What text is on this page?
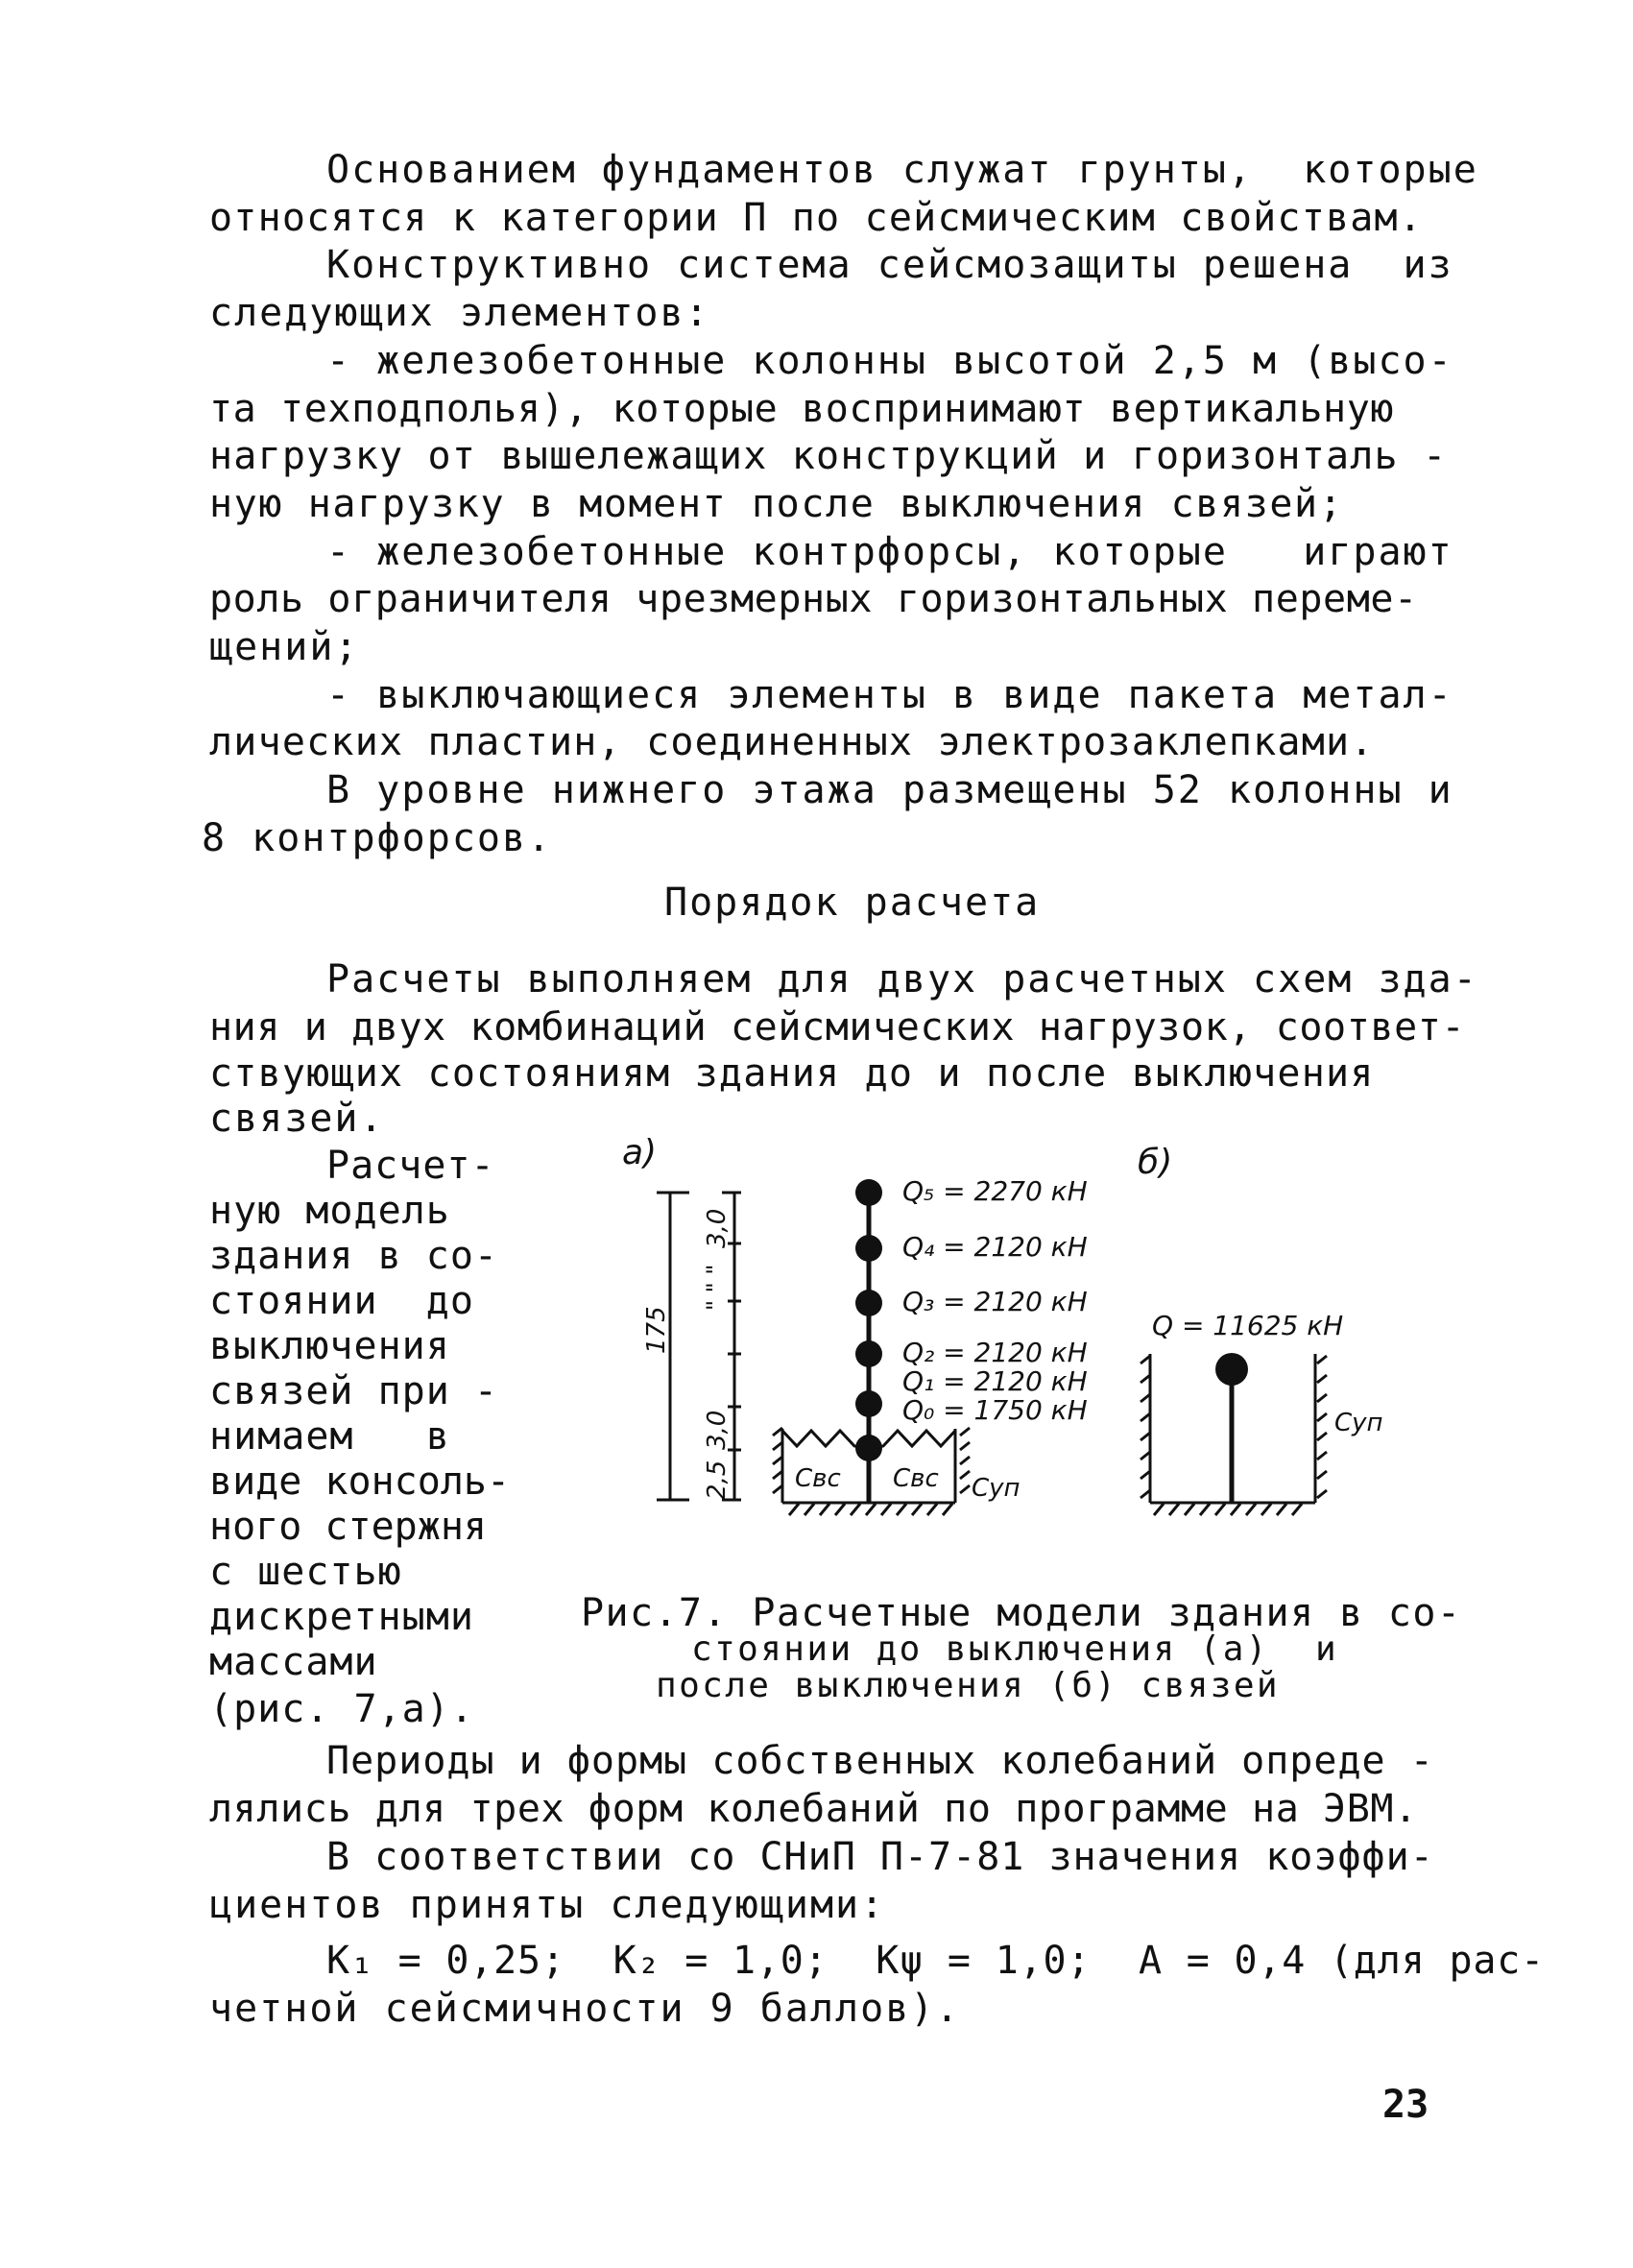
Основанием фундаментов служат грунты,  которые
относятся к категории П по сейсмическим свойствам.
Конструктивно система сейсмозащиты решена  из
следующих элементов:
- железобетонные колонны высотой 2,5 м (высо-
та техподполья), которые воспринимают вертикальную
нагрузку от вышележащих конструкций и горизонталь -
ную нагрузку в момент после выключения связей;
- железобетонные контрфорсы, которые   играют
роль ограничителя чрезмерных горизонтальных переме-
щений;
- выключающиеся элементы в виде пакета метал-
лических пластин, соединенных электрозаклепками.
В уровне нижнего этажа размещены 52 колонны и
8 контрфорсов.
Порядок расчета
Расчеты выполняем для двух расчетных схем зда-
ния и двух комбинаций сейсмических нагрузок, соответ-
ствующих состояниям здания до и после выключения
связей.
Расчет-
ную модель
здания в со-
стоянии  до
выключения
связей при -
нимаем   в
виде консоль-
ного стержня
с шестью
дискретными
массами
(рис. 7,а).
а)
175
3,0
3,0
2,5
" " "
Q₅ = 2270 кН
Q₄ = 2120 кН
Q₃ = 2120 кН
Q₂ = 2120 кН
Q₁ = 2120 кН
Q₀ = 1750 кН
Свс Свс Суп
б)
Q = 11625 кН
Суп
Рис.7. Расчетные модели здания в со-
стоянии до выключения (а)  и
после выключения (б) связей
Периоды и формы собственных колебаний опреде -
лялись для трех форм колебаний по программе на ЭВМ.
В соответствии со СНиП П-7-81 значения коэффи-
циентов приняты следующими:
К₁ = 0,25;  К₂ = 1,0;  Кψ = 1,0;  А = 0,4 (для рас-
четной сейсмичности 9 баллов).
23
